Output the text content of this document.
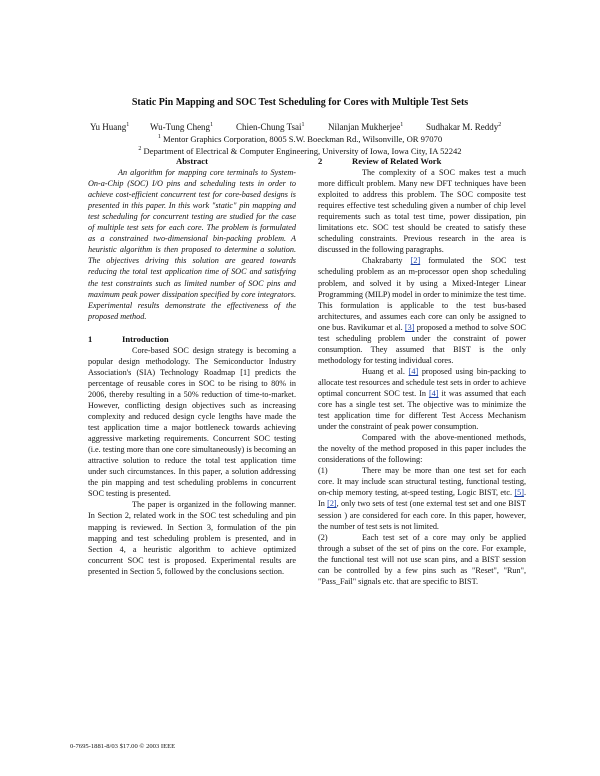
Static Pin Mapping and SOC Test Scheduling for Cores with Multiple Test Sets
Yu Huang$^1$ Wu-Tung Cheng$^1$	Chien-Chung Tsai$^1$	Nilanjan Mukherjee$^1$	Sudhakar M. Reddy$^2$
$^1$ Mentor Graphics Corporation, 8005 S.W. Boeckman Rd., Wilsonville, OR 97070
$^2$ Department of Electrical & Computer Engineering, University of Iowa, Iowa City, IA 52242
Abstract

An algorithm for mapping core terminals to System-On-a-Chip (SOC) I/O pins and scheduling tests in order to achieve cost-efficient concurrent test for core-based designs is presented in this paper. In this work "static" pin mapping and test scheduling for concurrent testing are studied for the case of multiple test sets for each core. The problem is formulated as a constrained two-dimensional bin-packing problem. A heuristic algorithm is then proposed to determine a solution. The objectives driving this solution are geared towards reducing the total test application time of SOC and satisfying the test constraints such as limited number of SOC pins and maximum peak power dissipation specified by core integrators. Experimental results demonstrate the effectiveness of the proposed method.

1	Introduction

Core-based SOC design strategy is becoming a popular design methodology. The Semiconductor Industry Association's (SIA) Technology Roadmap [1] predicts the percentage of reusable cores in SOC to be rising to 80% in 2006, thereby resulting in a 50% reduction of time-to-market. However, conflicting design objectives such as increasing complexity and reduced design cycle lengths have made the test application time a major bottleneck towards achieving aggressive marketing requirements. Concurrent SOC testing (i.e. testing more than one core simultaneously) is becoming an attractive solution to reduce the total test application time under such circumstances. In this paper, a solution addressing the pin mapping and test scheduling problems in concurrent SOC testing is presented.

The paper is organized in the following manner. In Section 2, related work in the SOC test scheduling and pin mapping is reviewed. In Section 3, formulation of the pin mapping and test scheduling problem is presented, and in Section 4, a heuristic algorithm to achieve optimized concurrent SOC test is proposed. Experimental results are presented in Section 5, followed by the conclusions section.

2	Review of Related Work

The complexity of a SOC makes test a much more difficult problem. Many new DFT techniques have been exploited to address this problem. The SOC composite test requires effective test scheduling given a number of chip level requirements such as total test time, power dissipation, pin limitations etc. SOC test should be created to satisfy these scheduling constraints. Previous research in the area is discussed in the following paragraphs.

Chakrabarty [2] formulated the SOC test scheduling problem as an m-processor open shop scheduling problem, and solved it by using a Mixed-Integer Linear Programming (MILP) model in order to minimize the test time. This formulation is applicable to the test bus-based architectures, and assumes each core can only be assigned to one bus. Ravikumar et al. [3] proposed a method to solve SOC test scheduling problem under the constraint of power consumption. They assumed that BIST is the only methodology for testing individual cores.

Huang et al. [4] proposed using bin-packing to allocate test resources and schedule test sets in order to achieve optimal concurrent SOC test. In [4] it was assumed that each core has a single test set. The objective was to minimize the test application time for different Test Access Mechanism under the constraint of peak power consumption.

Compared with the above-mentioned methods, the novelty of the method proposed in this paper includes the considerations of the following:

(1)	There may be more than one test set for each core. It may include scan structural testing, functional testing, on-chip memory testing, at-speed testing, Logic BIST, etc. [5]. In [2], only two sets of test (one external test set and one BIST session ) are considered for each core. In this paper, however, the number of test sets is not limited.

(2)	Each test set of a core may only be applied through a subset of the set of pins on the core. For example, the functional test will not use scan pins, and a BIST session can be controlled by a few pins such as "Reset", "Run", "Pass_Fail" signals etc. that are specific to BIST.

0-7695-1881-8/03 $17.00 © 2003 IEEE
